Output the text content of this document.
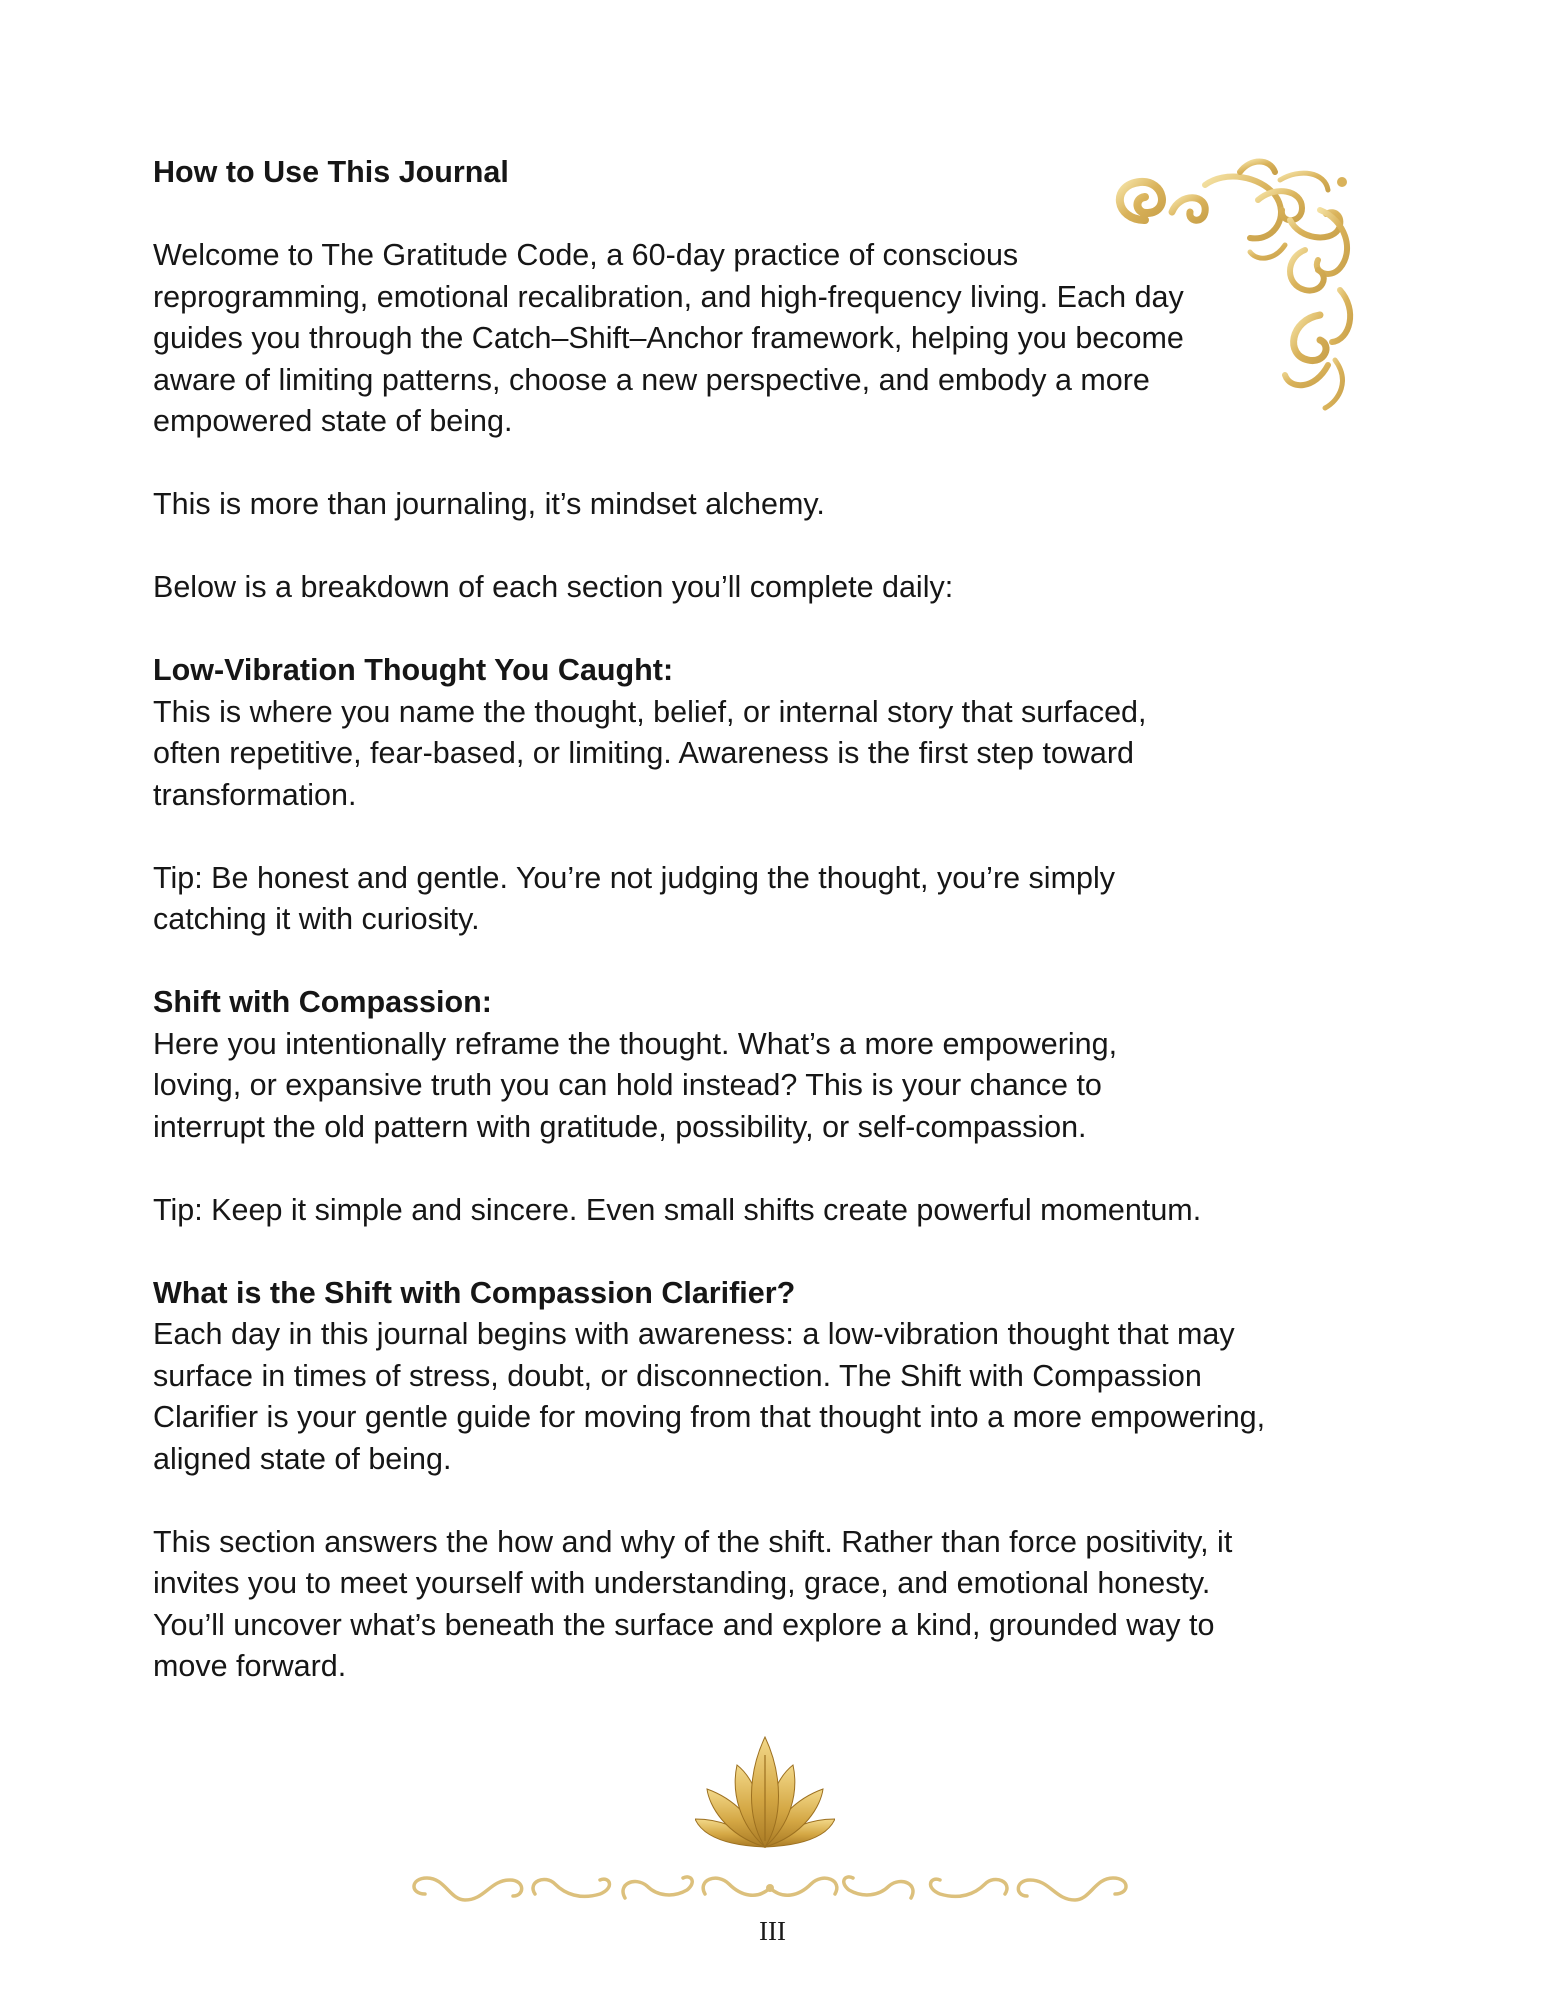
How to Use This Journal

Welcome to The Gratitude Code, a 60-day practice of conscious reprogramming, emotional recalibration, and high-frequency living. Each day guides you through the Catch–Shift–Anchor framework, helping you become aware of limiting patterns, choose a new perspective, and embody a more empowered state of being.

This is more than journaling, it’s mindset alchemy.

Below is a breakdown of each section you’ll complete daily:

Low-Vibration Thought You Caught:

This is where you name the thought, belief, or internal story that surfaced, often repetitive, fear-based, or limiting. Awareness is the first step toward transformation.

Tip: Be honest and gentle. You’re not judging the thought, you’re simply catching it with curiosity.

Shift with Compassion:

Here you intentionally reframe the thought. What’s a more empowering, loving, or expansive truth you can hold instead? This is your chance to interrupt the old pattern with gratitude, possibility, or self-compassion.

Tip: Keep it simple and sincere. Even small shifts create powerful momentum.

What is the Shift with Compassion Clarifier?

Each day in this journal begins with awareness: a low-vibration thought that may surface in times of stress, doubt, or disconnection. The Shift with Compassion Clarifier is your gentle guide for moving from that thought into a more empowering, aligned state of being.

This section answers the how and why of the shift. Rather than force positivity, it invites you to meet yourself with understanding, grace, and emotional honesty. You’ll uncover what’s beneath the surface and explore a kind, grounded way to move forward.

III
